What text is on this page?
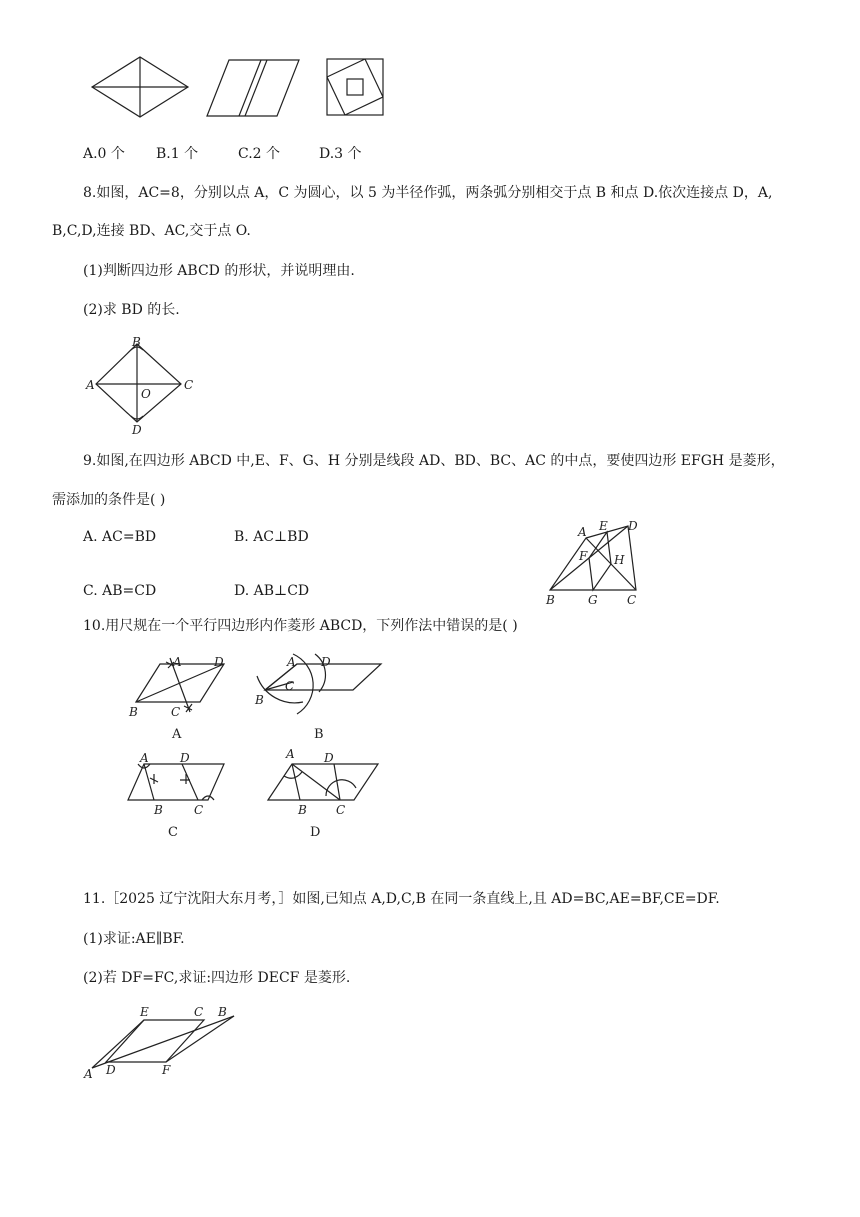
A.0 个 B.1 个	C.2 个	D.3 个
8.如图，AC=8，分别以点 A，C 为圆心，以 5 为半径作弧，两条弧分别相交于点 B 和点 D.依次连接点 D，A,
B,C,D,连接 BD、AC,交于点 O.
(1)判断四边形 ABCD 的形状，并说明理由.
(2)求 BD 的长.
B
A	C
O
D
9.如图,在四边形 ABCD 中,E、F、G、H 分别是线段 AD、BD、BC、AC 的中点，要使四边形 EFGH 是菱形，
需添加的条件是( )
A. AC=BD	B. AC⊥BD
C. AB=CD	D. AB⊥CD
A E D
F H
B	G C
10.用尺规在一个平行四边形内作菱形 ABCD，下列作法中错误的是( )
A	D
B	C
A
A D
C
B
B
A	D
B	C
C
A D
B C
D
11.［2025 辽宁沈阳大东月考，］如图,已知点 A,D,C,B 在同一条直线上,且 AD=BC,AE=BF,CE=DF.
(1)求证:AE∥BF.
(2)若 DF=FC,求证:四边形 DECF 是菱形.
E	C B
A D	F
